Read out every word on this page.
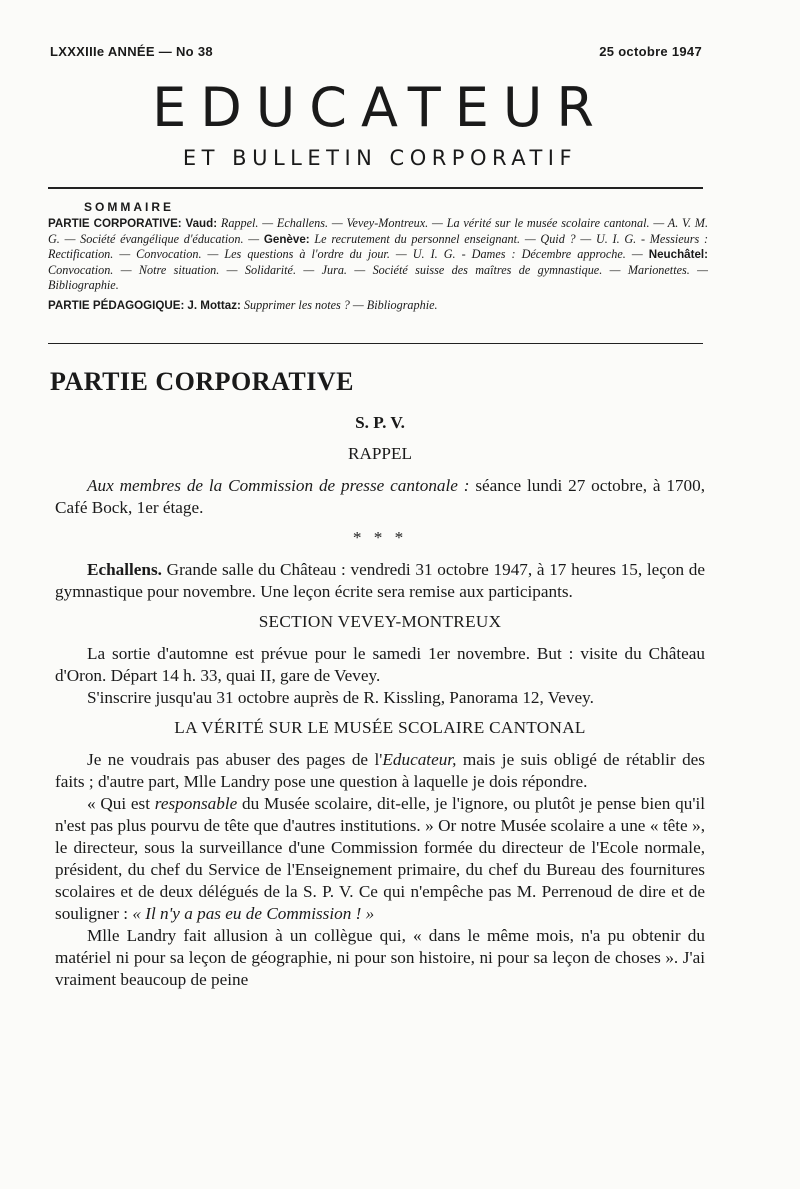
LXXXIIIe ANNÉE — No 38	25 octobre 1947
EDUCATEUR
ET BULLETIN CORPORATIF
SOMMAIRE

PARTIE CORPORATIVE: Vaud: Rappel. — Echallens. — Vevey-Montreux. — La vérité sur le musée scolaire cantonal. — A. V. M. G. — Société évangélique d'éducation. — Genève: Le recrutement du personnel enseignant. — Quid ? — U. I. G. - Messieurs : Rectification. — Convocation. — Les questions à l'ordre du jour. — U. I. G. - Dames : Décembre approche. — Neuchâtel: Convocation. — Notre situation. — Solidarité. — Jura. — Société suisse des maîtres de gymnastique. — Marionettes. — Bibliographie.

PARTIE PÉDAGOGIQUE: J. Mottaz: Supprimer les notes ? — Bibliographie.

PARTIE CORPORATIVE

S. P. V.

RAPPEL

Aux membres de la Commission de presse cantonale : séance lundi 27 octobre, à 1700, Café Bock, 1er étage.

* * *

Echallens. Grande salle du Château : vendredi 31 octobre 1947, à 17 heures 15, leçon de gymnastique pour novembre. Une leçon écrite sera remise aux participants.

SECTION VEVEY-MONTREUX

La sortie d'automne est prévue pour le samedi 1er novembre. But : visite du Château d'Oron. Départ 14 h. 33, quai II, gare de Vevey.

S'inscrire jusqu'au 31 octobre auprès de R. Kissling, Panorama 12, Vevey.

LA VÉRITÉ SUR LE MUSÉE SCOLAIRE CANTONAL

Je ne voudrais pas abuser des pages de l'Educateur, mais je suis obligé de rétablir des faits ; d'autre part, Mlle Landry pose une question à laquelle je dois répondre.

« Qui est responsable du Musée scolaire, dit-elle, je l'ignore, ou plutôt je pense bien qu'il n'est pas plus pourvu de tête que d'autres institutions. » Or notre Musée scolaire a une « tête », le directeur, sous la surveillance d'une Commission formée du directeur de l'Ecole normale, président, du chef du Service de l'Enseignement primaire, du chef du Bureau des fournitures scolaires et de deux délégués de la S. P. V. Ce qui n'empêche pas M. Perrenoud de dire et de souligner : « Il n'y a pas eu de Commission ! »

Mlle Landry fait allusion à un collègue qui, « dans le même mois, n'a pu obtenir du matériel ni pour sa leçon de géographie, ni pour son histoire, ni pour sa leçon de choses ». J'ai vraiment beaucoup de peine
